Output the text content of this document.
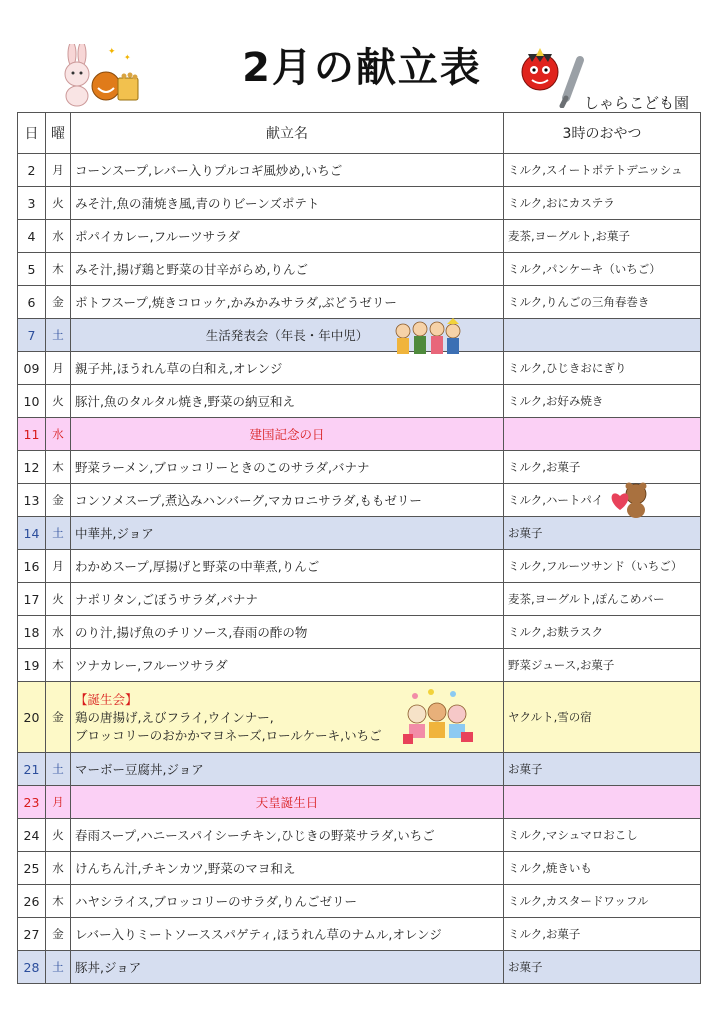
2月の献立表
しゃらこども園
✦
✦
日	曜	献立名	3時のおやつ
2	月	コーンスープ,レバー入りプルコギ風炒め,いちご	ミルク,スイートポテトデニッシュ
3	火	みそ汁,魚の蒲焼き風,青のりビーンズポテト	ミルク,おにカステラ
4	水	ポパイカレー,フルーツサラダ	麦茶,ヨーグルト,お菓子
5	木	みそ汁,揚げ鶏と野菜の甘辛がらめ,りんご	ミルク,パンケーキ（いちご）
6	金	ポトフスープ,焼きコロッケ,かみかみサラダ,ぶどうゼリー	ミルク,りんごの三角春巻き
7	土	生活発表会（年長・年中児）

09	月	親子丼,ほうれん草の白和え,オレンジ	ミルク,ひじきおにぎり
10	火	豚汁,魚のタルタル焼き,野菜の納豆和え	ミルク,お好み焼き
11	水	建国記念の日	
12	木	野菜ラーメン,ブロッコリーときのこのサラダ,バナナ	ミルク,お菓子
13	金	コンソメスープ,煮込みハンバーグ,マカロニサラダ,ももゼリー	ミルク,ハートパイ

14	土	中華丼,ジョア	お菓子
16	月	わかめスープ,厚揚げと野菜の中華煮,りんご	ミルク,フルーツサンド（いちご）
17	火	ナポリタン,ごぼうサラダ,バナナ	麦茶,ヨーグルト,ぽんこめバー
18	水	のり汁,揚げ魚のチリソース,春雨の酢の物	ミルク,お麩ラスク
19	木	ツナカレー,フルーツサラダ	野菜ジュース,お菓子
20	金	【誕生会】
鶏の唐揚げ,えびフライ,ウインナー,
ブロッコリーのおかかマヨネーズ,ロールケーキ,いちご	ヤクルト,雪の宿
21	土	マーボー豆腐丼,ジョア	お菓子
23	月	天皇誕生日	
24	火	春雨スープ,ハニースパイシーチキン,ひじきの野菜サラダ,いちご	ミルク,マシュマロおこし
25	水	けんちん汁,チキンカツ,野菜のマヨ和え	ミルク,焼きいも
26	木	ハヤシライス,ブロッコリーのサラダ,りんごゼリー	ミルク,カスタードワッフル
27	金	レバー入りミートソーススパゲティ,ほうれん草のナムル,オレンジ	ミルク,お菓子
28	土	豚丼,ジョア	お菓子
